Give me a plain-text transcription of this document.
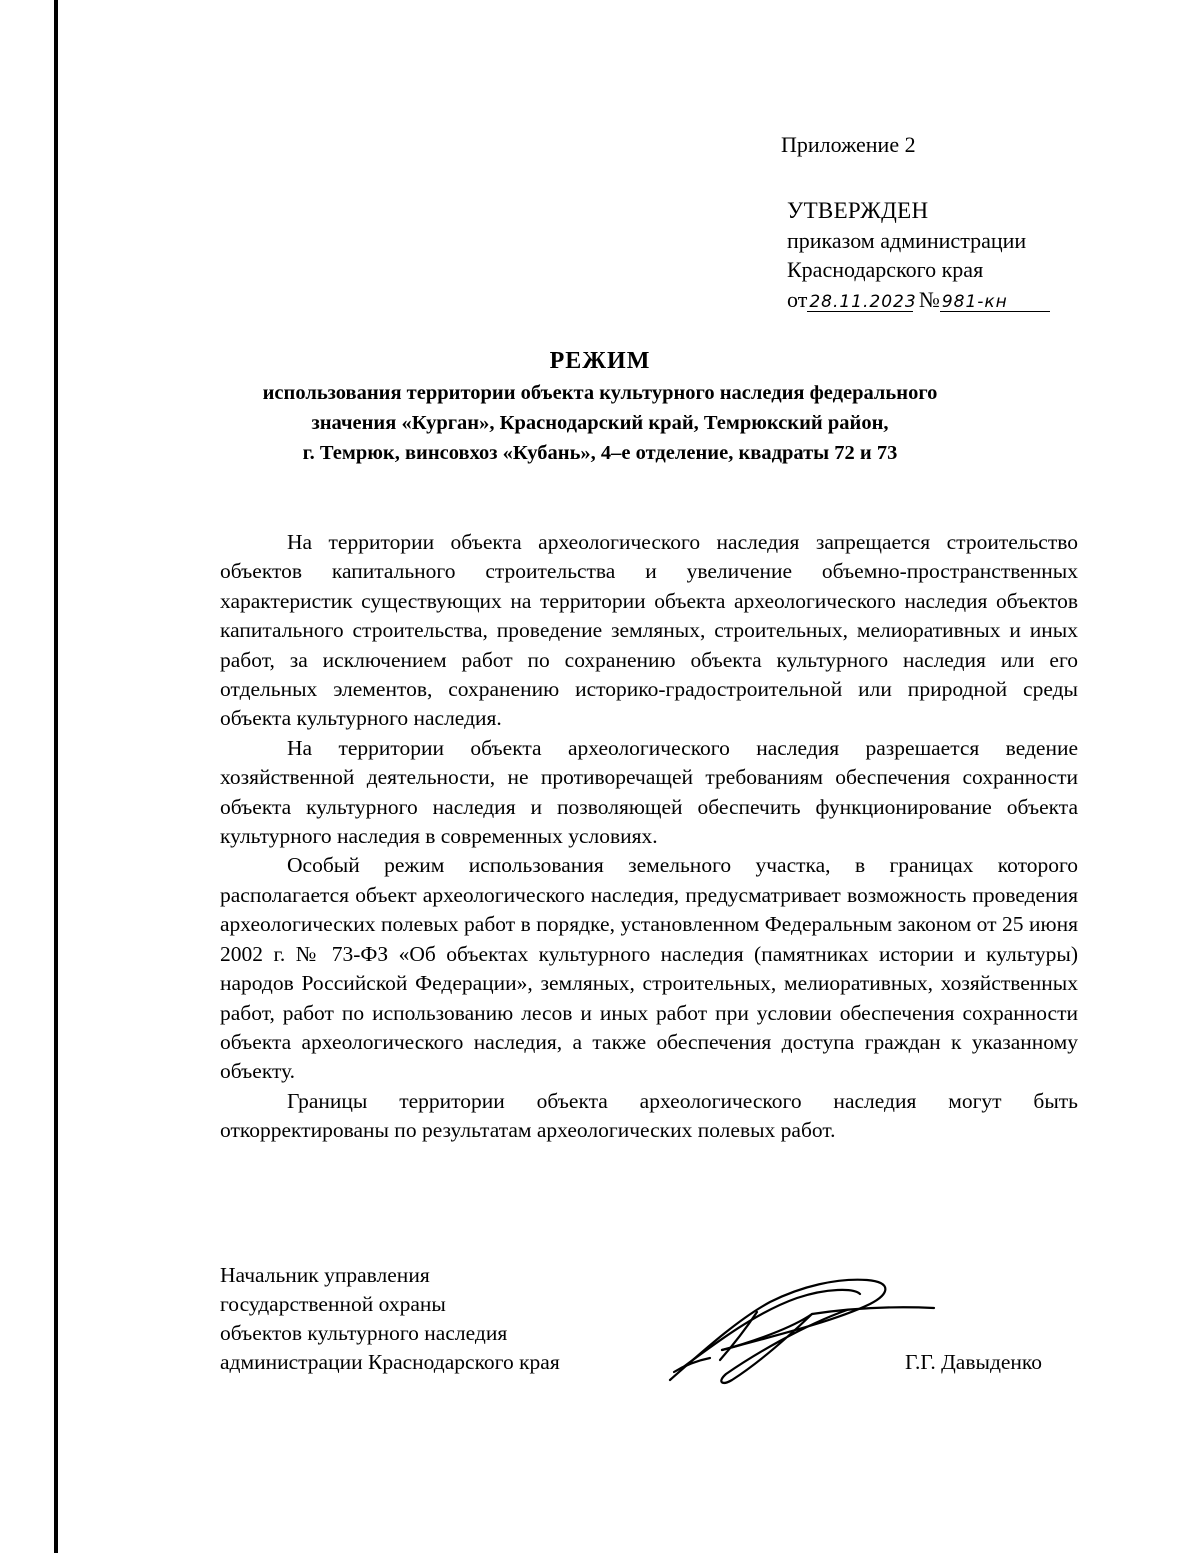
Приложение 2
УТВЕРЖДЕН
приказом администрации
Краснодарского края
от 28.11.2023 № 981-кн
РЕЖИМ
использования территории объекта культурного наследия федерального
значения «Курган», Краснодарский край, Темрюкский район,
г. Темрюк, винсовхоз «Кубань», 4–е отделение, квадраты 72 и 73

На территории объекта археологического наследия запрещается строительство объектов капитального строительства и увеличение объемно-пространственных характеристик существующих на территории объекта археологического наследия объектов капитального строительства, проведение земляных, строительных, мелиоративных и иных работ, за исключением работ по сохранению объекта культурного наследия или его отдельных элементов, сохранению историко-градостроительной или природной среды объекта культурного наследия.

На территории объекта археологического наследия разрешается ведение хозяйственной деятельности, не противоречащей требованиям обеспечения сохранности объекта культурного наследия и позволяющей обеспечить функционирование объекта культурного наследия в современных условиях.

Особый режим использования земельного участка, в границах которого располагается объект археологического наследия, предусматривает возможность проведения археологических полевых работ в порядке, установленном Федеральным законом от 25 июня 2002 г. № 73-ФЗ «Об объектах культурного наследия (памятниках истории и культуры) народов Российской Федерации», земляных, строительных, мелиоративных, хозяйственных работ, работ по использованию лесов и иных работ при условии обеспечения сохранности объекта археологического наследия, а также обеспечения доступа граждан к указанному объекту.

Границы территории объекта археологического наследия могут быть откорректированы по результатам археологических полевых работ.

Начальник управления
государственной охраны
объектов культурного наследия
администрации Краснодарского края	Г.Г. Давыденко
